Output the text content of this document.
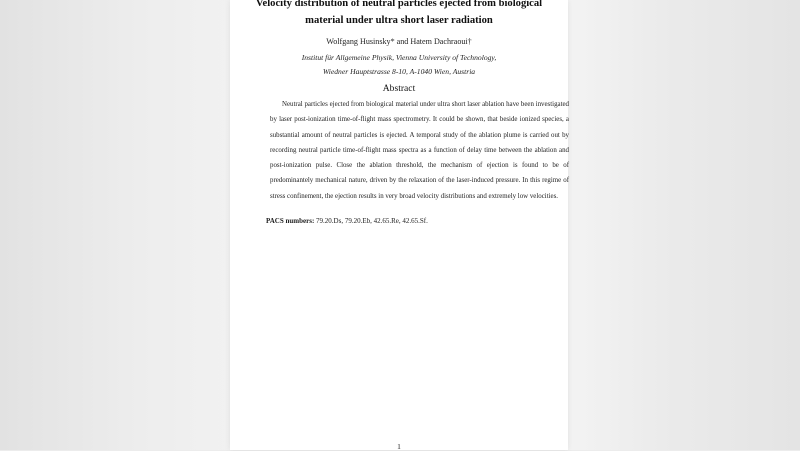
Velocity distribution of neutral particles ejected from biological
material under ultra short laser radiation
Wolfgang Husinsky* and Hatem Dachraoui†
Institut für Allgemeine Physik, Vienna University of Technology,
Wiedner Hauptstrasse 8-10, A-1040 Wien, Austria
Abstract
Neutral particles ejected from biological material under ultra short laser ablation have been investigated by laser post-ionization time-of-flight mass spectrometry. It could be shown, that beside ionized species, a substantial amount of neutral particles is ejected. A temporal study of the ablation plume is carried out by recording neutral particle time-of-flight mass spectra as a function of delay time between the ablation and post-ionization pulse. Close the ablation threshold, the mechanism of ejection is found to be of predominantely mechanical nature, driven by the relaxation of the laser-induced pressure. In this regime of stress confinement, the ejection results in very broad velocity distributions and extremely low velocities.
PACS numbers: 79.20.Ds, 79.20.Eb, 42.65.Re, 42.65.Sf.
1
